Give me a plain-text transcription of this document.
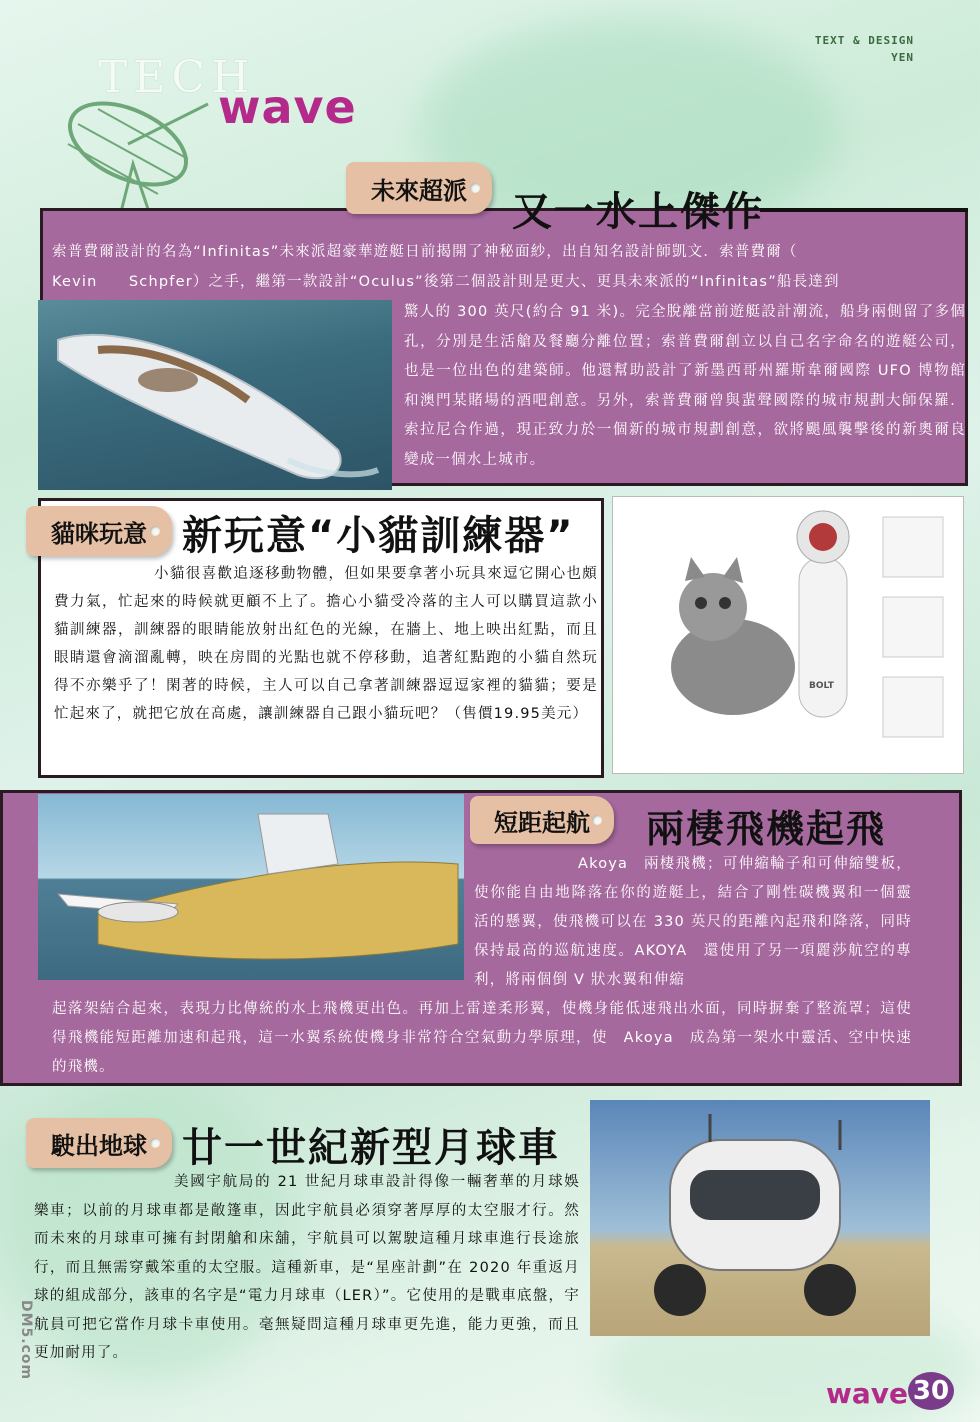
TEXT & DESIGN
YEN
TECH
wave
未來超派 又一水上傑作
索普費爾設計的名為“Infinitas”未來派超豪華遊艇日前揭開了神秘面紗，出自知名設計師凱文．索普費爾（
Kevin　　Schpfer）之手，繼第一款設計“Oculus”後第二個設計則是更大、更具未來派的“Infinitas”船長達到
驚人的 300 英尺(約合 91 米)。完全脫離當前遊艇設計潮流，船身兩側留了多個孔，分別是生活艙及餐廳分離位置；索普費爾創立以自己名字命名的遊艇公司，也是一位出色的建築師。他還幫助設計了新墨西哥州羅斯韋爾國際 UFO 博物館和澳門某賭場的酒吧創意。另外，索普費爾曾與蜚聲國際的城市規劃大師保羅．索拉尼合作過，現正致力於一個新的城市規劃創意，欲將颶風襲擊後的新奧爾良變成一個水上城市。
貓咪玩意 新玩意“小貓訓練器”
小貓很喜歡追逐移動物體，但如果要拿著小玩具來逗它開心也頗費力氣，忙起來的時候就更顧不上了。擔心小貓受冷落的主人可以購買這款小貓訓練器，訓練器的眼睛能放射出紅色的光線，在牆上、地上映出紅點，而且眼睛還會滴溜亂轉，映在房間的光點也就不停移動，追著紅點跑的小貓自然玩得不亦樂乎了！閑著的時候，主人可以自己拿著訓練器逗逗家裡的貓貓；要是忙起來了，就把它放在高處，讓訓練器自己跟小貓玩吧？（售價19.95美元）
BOLT
短距起航 兩棲飛機起飛
Akoya　兩棲飛機；可伸縮輪子和可伸縮雙板，使你能自由地降落在你的遊艇上，結合了剛性碳機翼和一個靈活的懸翼，使飛機可以在 330 英尺的距離內起飛和降落，同時保持最高的巡航速度。AKOYA　還使用了另一項麗莎航空的專利，將兩個倒 V 狀水翼和伸縮
起落架結合起來，表現力比傳統的水上飛機更出色。再加上雷達柔形翼，使機身能低速飛出水面，同時摒棄了整流罩；這使得飛機能短距離加速和起飛，這一水翼系統使機身非常符合空氣動力學原理，使　Akoya　成為第一架水中靈活、空中快速的飛機。
駛出地球 廿一世紀新型月球車
美國宇航局的 21 世紀月球車設計得像一輛奢華的月球娛樂車；以前的月球車都是敞篷車，因此宇航員必須穿著厚厚的太空服才行。然而未來的月球車可擁有封閉艙和床舖，宇航員可以駕駛這種月球車進行長途旅行，而且無需穿戴笨重的太空服。這種新車，是“星座計劃”在 2020 年重返月球的組成部分，該車的名字是“電力月球車（LER）”。它使用的是戰車底盤，宇航員可把它當作月球卡車使用。毫無疑問這種月球車更先進，能力更強，而且更加耐用了。
DM5.com
wave 30
